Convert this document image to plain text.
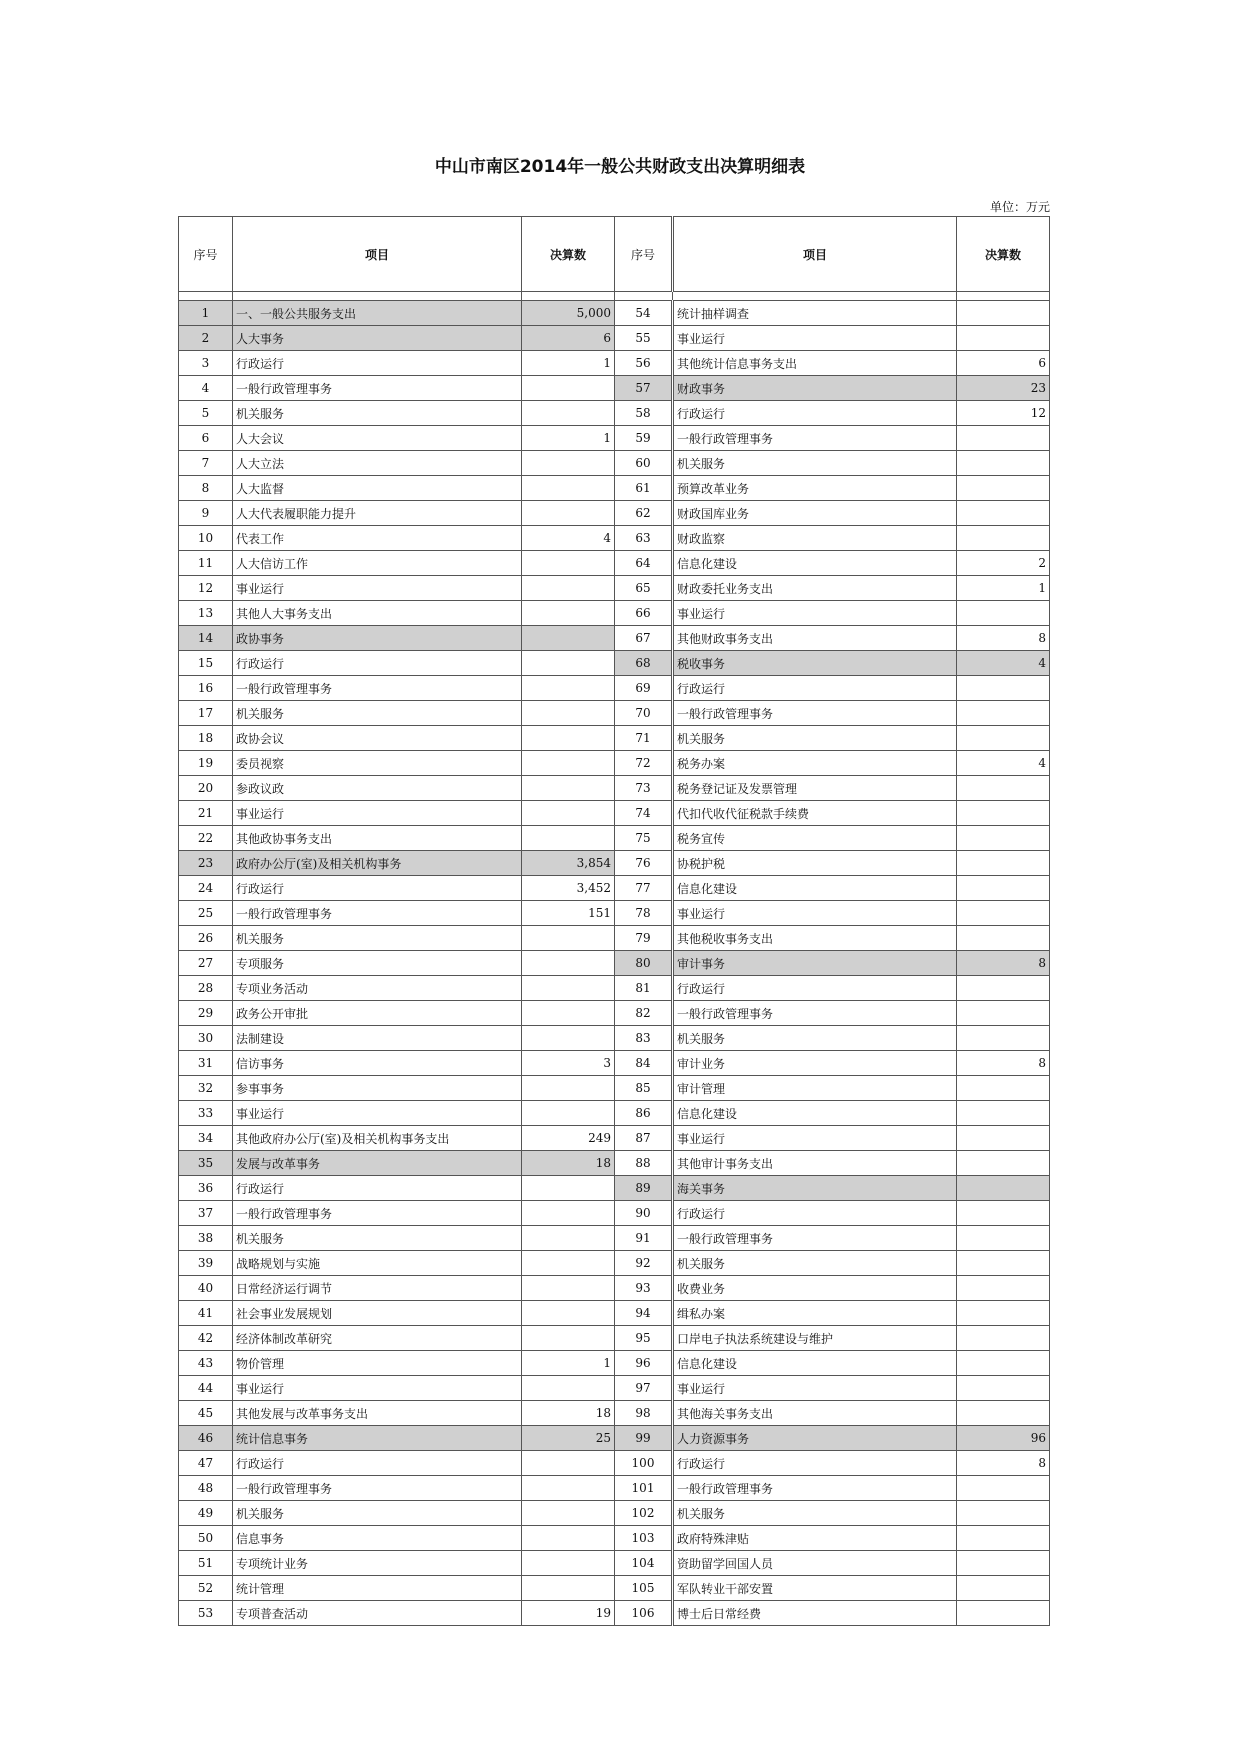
中山市南区2014年一般公共财政支出决算明细表
单位：万元
序号	项目	决算数	序号	项目	决算数

1	一、一般公共服务支出	5,000	54	统计抽样调查	
2	人大事务	6	55	事业运行	
3	行政运行	1	56	其他统计信息事务支出	6
4	一般行政管理事务		57	财政事务	23
5	机关服务		58	行政运行	12
6	人大会议	1	59	一般行政管理事务	
7	人大立法		60	机关服务	
8	人大监督		61	预算改革业务	
9	人大代表履职能力提升		62	财政国库业务	
10	代表工作	4	63	财政监察	
11	人大信访工作		64	信息化建设	2
12	事业运行		65	财政委托业务支出	1
13	其他人大事务支出		66	事业运行	
14	政协事务		67	其他财政事务支出	8
15	行政运行		68	税收事务	4
16	一般行政管理事务		69	行政运行	
17	机关服务		70	一般行政管理事务	
18	政协会议		71	机关服务	
19	委员视察		72	税务办案	4
20	参政议政		73	税务登记证及发票管理	
21	事业运行		74	代扣代收代征税款手续费	
22	其他政协事务支出		75	税务宣传	
23	政府办公厅(室)及相关机构事务	3,854	76	协税护税	
24	行政运行	3,452	77	信息化建设	
25	一般行政管理事务	151	78	事业运行	
26	机关服务		79	其他税收事务支出	
27	专项服务		80	审计事务	8
28	专项业务活动		81	行政运行	
29	政务公开审批		82	一般行政管理事务	
30	法制建设		83	机关服务	
31	信访事务	3	84	审计业务	8
32	参事事务		85	审计管理	
33	事业运行		86	信息化建设	
34	其他政府办公厅(室)及相关机构事务支出	249	87	事业运行	
35	发展与改革事务	18	88	其他审计事务支出	
36	行政运行		89	海关事务	
37	一般行政管理事务		90	行政运行	
38	机关服务		91	一般行政管理事务	
39	战略规划与实施		92	机关服务	
40	日常经济运行调节		93	收费业务	
41	社会事业发展规划		94	缉私办案	
42	经济体制改革研究		95	口岸电子执法系统建设与维护	
43	物价管理	1	96	信息化建设	
44	事业运行		97	事业运行	
45	其他发展与改革事务支出	18	98	其他海关事务支出	
46	统计信息事务	25	99	人力资源事务	96
47	行政运行		100	行政运行	8
48	一般行政管理事务		101	一般行政管理事务	
49	机关服务		102	机关服务	
50	信息事务		103	政府特殊津贴	
51	专项统计业务		104	资助留学回国人员	
52	统计管理		105	军队转业干部安置	
53	专项普查活动	19	106	博士后日常经费	
